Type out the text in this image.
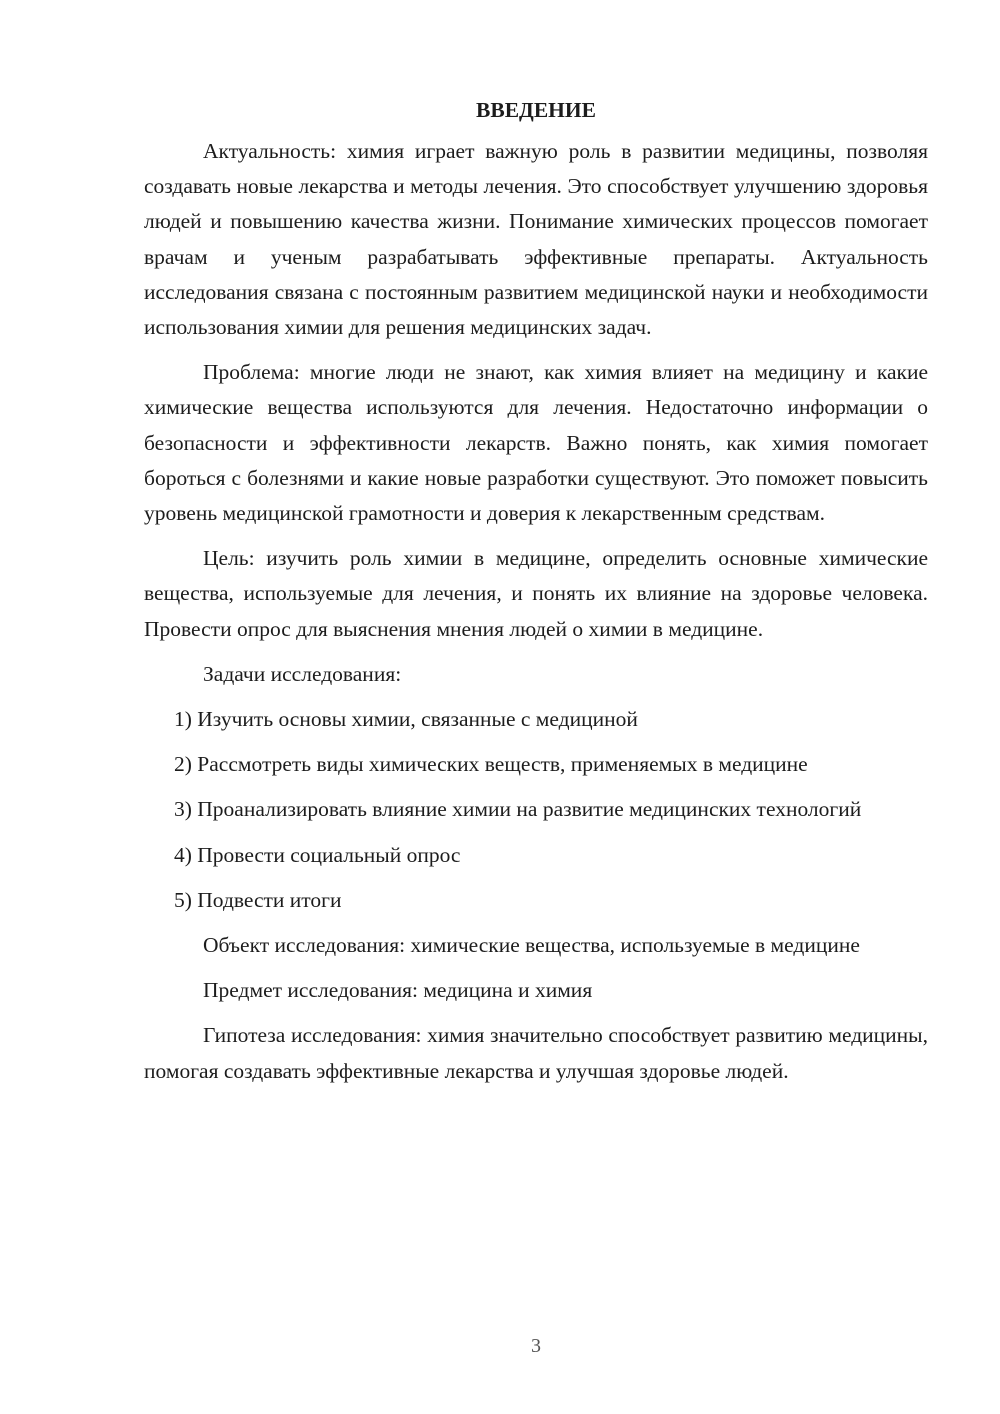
ВВЕДЕНИЕ

Актуальность: химия играет важную роль в развитии медицины, позволяя создавать новые лекарства и методы лечения. Это способствует улучшению здоровья людей и повышению качества жизни. Понимание химических процессов помогает врачам и ученым разрабатывать эффективные препараты. Актуальность исследования связана с постоянным развитием медицинской науки и необходимости использования химии для решения медицинских задач.

Проблема: многие люди не знают, как химия влияет на медицину и какие химические вещества используются для лечения. Недостаточно информации о безопасности и эффективности лекарств. Важно понять, как химия помогает бороться с болезнями и какие новые разработки существуют. Это поможет повысить уровень медицинской грамотности и доверия к лекарственным средствам.

Цель: изучить роль химии в медицине, определить основные химические вещества, используемые для лечения, и понять их влияние на здоровье человека. Провести опрос для выяснения мнения людей о химии в медицине.

Задачи исследования:

1) Изучить основы химии, связанные с медициной

2) Рассмотреть виды химических веществ, применяемых в медицине

3) Проанализировать влияние химии на развитие медицинских технологий

4) Провести социальный опрос

5) Подвести итоги

Объект исследования: химические вещества, используемые в медицине

Предмет исследования: медицина и химия

Гипотеза исследования: химия значительно способствует развитию медицины, помогая создавать эффективные лекарства и улучшая здоровье людей.

3
